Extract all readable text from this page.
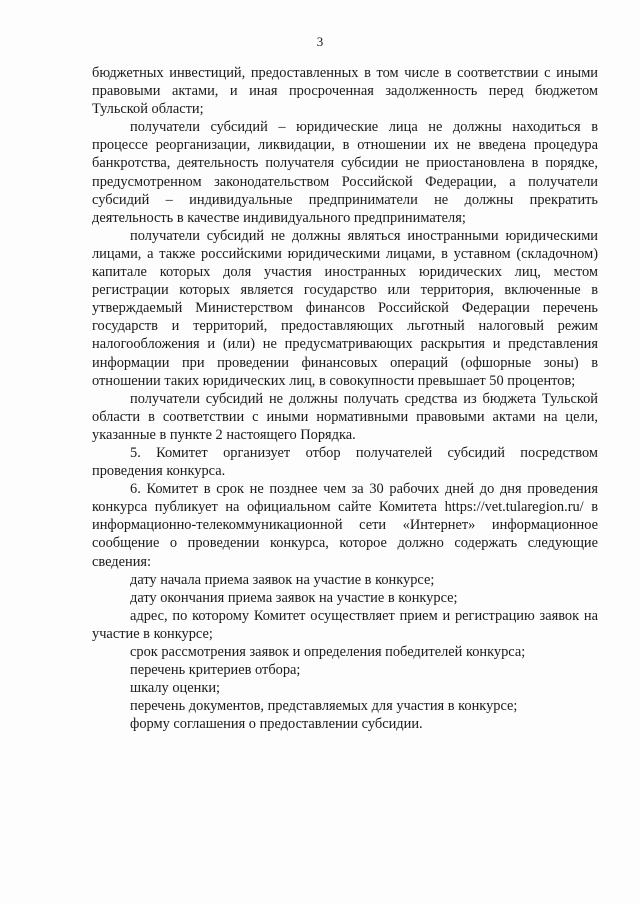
3

бюджетных инвестиций, предоставленных в том числе в соответствии с иными правовыми актами, и иная просроченная задолженность перед бюджетом Тульской области;

получатели субсидий – юридические лица не должны находиться в процессе реорганизации, ликвидации, в отношении их не введена процедура банкротства, деятельность получателя субсидии не приостановлена в порядке, предусмотренном законодательством Российской Федерации, а получатели субсидий – индивидуальные предприниматели не должны прекратить деятельность в качестве индивидуального предпринимателя;

получатели субсидий не должны являться иностранными юридическими лицами, а также российскими юридическими лицами, в уставном (складочном) капитале которых доля участия иностранных юридических лиц, местом регистрации которых является государство или территория, включенные в утверждаемый Министерством финансов Российской Федерации перечень государств и территорий, предоставляющих льготный налоговый режим налогообложения и (или) не предусматривающих раскрытия и представления информации при проведении финансовых операций (офшорные зоны) в отношении таких юридических лиц, в совокупности превышает 50 процентов;

получатели субсидий не должны получать средства из бюджета Тульской области в соответствии с иными нормативными правовыми актами на цели, указанные в пункте 2 настоящего Порядка.

5. Комитет организует отбор получателей субсидий посредством проведения конкурса.

6. Комитет в срок не позднее чем за 30 рабочих дней до дня проведения конкурса публикует на официальном сайте Комитета https://vet.tularegion.ru/ в информационно-телекоммуникационной сети «Интернет» информационное сообщение о проведении конкурса, которое должно содержать следующие сведения:

дату начала приема заявок на участие в конкурсе;

дату окончания приема заявок на участие в конкурсе;

адрес, по которому Комитет осуществляет прием и регистрацию заявок на участие в конкурсе;

срок рассмотрения заявок и определения победителей конкурса;

перечень критериев отбора;

шкалу оценки;

перечень документов, представляемых для участия в конкурсе;

форму соглашения о предоставлении субсидии.
